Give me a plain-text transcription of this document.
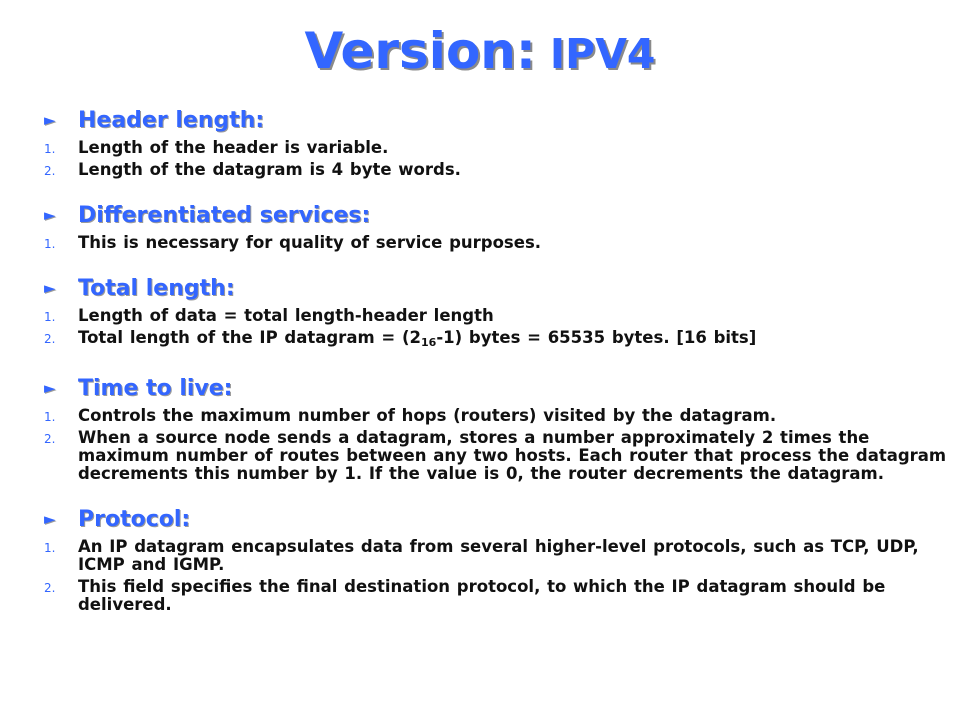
Version: IPV4
► Header length:
1. Length of the header is variable.
2. Length of the datagram is 4 byte words.
► Differentiated services:
1. This is necessary for quality of service purposes.
► Total length:
1. Length of data = total length-header length
2. Total length of the IP datagram = $(2_{16}-1)$ bytes = 65535 bytes. [16 bits]
► Time to live:
1. Controls the maximum number of hops (routers) visited by the datagram.
2. When a source node sends a datagram, stores a number approximately 2 times the maximum number of routes between any two hosts. Each router that process the datagram decrements this number by 1. If the value is 0, the router decrements the datagram.
► Protocol:
1. An IP datagram encapsulates data from several higher-level protocols, such as TCP, UDP, ICMP and IGMP.
2. This field specifies the final destination protocol, to which the IP datagram should be delivered.
